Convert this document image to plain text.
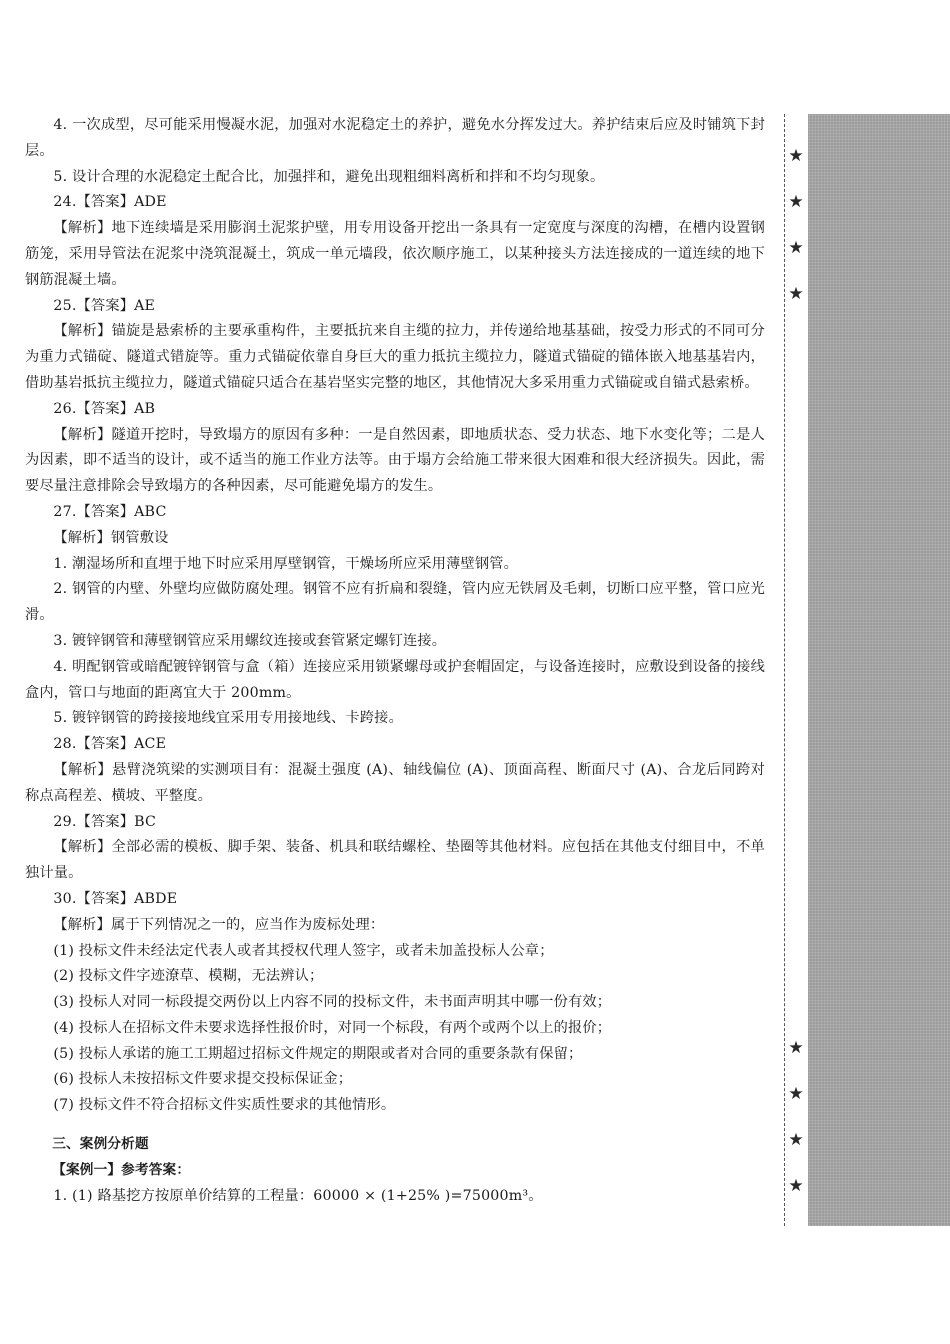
4. 一次成型，尽可能采用慢凝水泥，加强对水泥稳定土的养护，避免水分挥发过大。养护结束后应及时铺筑下封层。

5. 设计合理的水泥稳定土配合比，加强拌和，避免出现粗细料离析和拌和不均匀现象。

24.【答案】ADE

【解析】地下连续墙是采用膨润土泥浆护壁，用专用设备开挖出一条具有一定宽度与深度的沟槽，在槽内设置钢筋笼，采用导管法在泥浆中浇筑混凝土，筑成一单元墙段，依次顺序施工，以某种接头方法连接成的一道连续的地下钢筋混凝土墙。

25.【答案】AE

【解析】锚旋是悬索桥的主要承重构件，主要抵抗来自主缆的拉力，并传递给地基基础，按受力形式的不同可分为重力式锚碇、隧道式错旋等。重力式锚碇依靠自身巨大的重力抵抗主缆拉力，隧道式锚碇的锚体嵌入地基基岩内，借助基岩抵抗主缆拉力，隧道式锚碇只适合在基岩坚实完整的地区，其他情况大多采用重力式锚碇或自锚式悬索桥。

26.【答案】AB

【解析】隧道开挖时，导致塌方的原因有多种：一是自然因素，即地质状态、受力状态、地下水变化等；二是人为因素，即不适当的设计，或不适当的施工作业方法等。由于塌方会给施工带来很大困难和很大经济损失。因此，需要尽量注意排除会导致塌方的各种因素，尽可能避免塌方的发生。

27.【答案】ABC

【解析】钢管敷设

1. 潮湿场所和直埋于地下时应采用厚壁钢管，干燥场所应采用薄壁钢管。

2. 钢管的内壁、外壁均应做防腐处理。钢管不应有折扁和裂缝，管内应无铁屑及毛刺，切断口应平整，管口应光滑。

3. 镀锌钢管和薄壁钢管应采用螺纹连接或套管紧定螺钉连接。

4. 明配钢管或暗配镀锌钢管与盒（箱）连接应采用锁紧螺母或护套帽固定，与设备连接时，应敷设到设备的接线盒内，管口与地面的距离宜大于 200mm。

5. 镀锌钢管的跨接接地线宜采用专用接地线、卡跨接。

28.【答案】ACE

【解析】悬臂浇筑梁的实测项目有：混凝土强度 (A)、轴线偏位 (A)、顶面高程、断面尺寸 (A)、合龙后同跨对称点高程差、横坡、平整度。

29.【答案】BC

【解析】全部必需的模板、脚手架、装备、机具和联结螺栓、垫圈等其他材料。应包括在其他支付细目中，不单独计量。

30.【答案】ABDE

【解析】属于下列情况之一的，应当作为废标处理：

(1) 投标文件未经法定代表人或者其授权代理人签字，或者未加盖投标人公章；

(2) 投标文件字迹潦草、模糊，无法辨认；

(3) 投标人对同一标段提交两份以上内容不同的投标文件，未书面声明其中哪一份有效；

(4) 投标人在招标文件未要求选择性报价时，对同一个标段，有两个或两个以上的报价；

(5) 投标人承诺的施工工期超过招标文件规定的期限或者对合同的重要条款有保留；

(6) 投标人未按招标文件要求提交投标保证金；

(7) 投标文件不符合招标文件实质性要求的其他情形。

三、案例分析题

【案例一】参考答案：

1. (1) 路基挖方按原单价结算的工程量：60000 × (1+25% )=75000m³。

★
★
★
★
★
★
★
★
